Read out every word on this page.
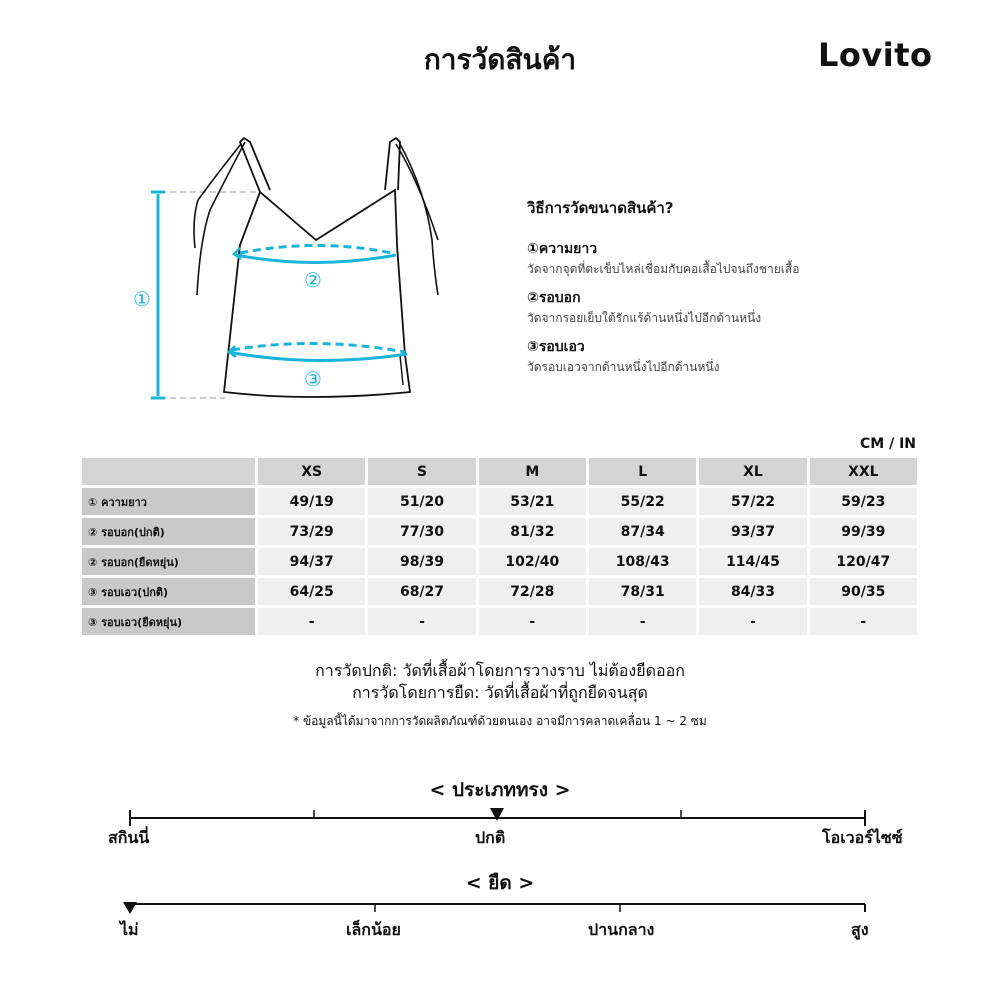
การวัดสินค้า	Lovito
①
②
③
วิธีการวัดขนาดสินค้า?
①ความยาว
วัดจากจุดที่ตะเข็บไหล่เชื่อมกับคอเสื้อไปจนถึงชายเสื้อ
②รอบอก
วัดจากรอยเย็บใต้รักแร้ด้านหนึ่งไปอีกด้านหนึ่ง
③รอบเอว
วัดรอบเอวจากด้านหนึ่งไปอีกด้านหนึ่ง
CM / IN
	XS	S	M	L	XL	XXL
① ความยาว	49/19	51/20	53/21	55/22	57/22	59/23
② รอบอก(ปกติ)	73/29	77/30	81/32	87/34	93/37	99/39
② รอบอก(ยืดหยุ่น)	94/37	98/39	102/40	108/43	114/45	120/47
③ รอบเอว(ปกติ)	64/25	68/27	72/28	78/31	84/33	90/35
③ รอบเอว(ยืดหยุ่น)	-	-	-	-	-	-
การวัดปกติ: วัดที่เสื้อผ้าโดยการวางราบ ไม่ต้องยืดออก
การวัดโดยการยืด: วัดที่เสื้อผ้าที่ถูกยืดจนสุด
* ข้อมูลนี้ได้มาจากการวัดผลิตภัณฑ์ด้วยตนเอง อาจมีการคลาดเคลื่อน 1 ~ 2 ซม
< ประเภททรง >
สกินนี่	ปกติ	โอเวอร์ไซซ์
< ยืด >
ไม่	เล็กน้อย	ปานกลาง	สูง
